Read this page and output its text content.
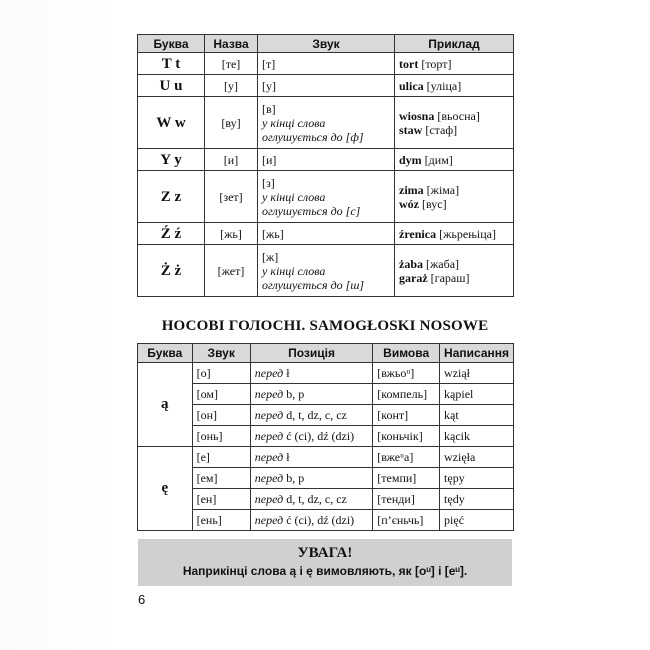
Буква	Назва	Звук	Приклад
T t	[те]	[т]	tort [торт]

U u	[у]	[у]	ulica [уліца]

W w	[ву]	[в]
у кінці слова
оглушується до [ф]	wiosna [вьосна]
staw [стаф]

Y y	[и]	[и]	dym [дим]

Z z	[зет]	[з]
у кінці слова
оглушується до [с]	zima [жіма]
wóz [вус]

Ź ź	[жь]	[жь]	źrenica [жьрењіца]

Ż ż	[жет]	[ж]
у кінці слова
оглушується до [ш]	żaba [жаба]
garaż [гараш]
НОСОВІ ГОЛОСНІ. SAMOGŁOSKI NOSOWE
Буква	Звук	Позиція	Вимова	Написання
ą	[о]	перед ł	[вжьоᵘ]	wziął
	[ом]	перед b, p	[компель]	kąpiel
	[он]	перед d, t, dz, c, cz	[конт]	kąt
	[онь]	перед ć (ci), dź (dzi)	[коньчік]	kącik
ę	[е]	перед ł	[вжеᵘа]	wzięła
	[ем]	перед b, p	[темпи]	tępy
	[ен]	перед d, t, dz, c, cz	[тенди]	tędy
	[ень]	перед ć (ci), dź (dzi)	[п’єньчь]	pięć
УВАГА!
Наприкінці слова ą і ę вимовляють, як [оᵘ] і [еᵘ].
6
